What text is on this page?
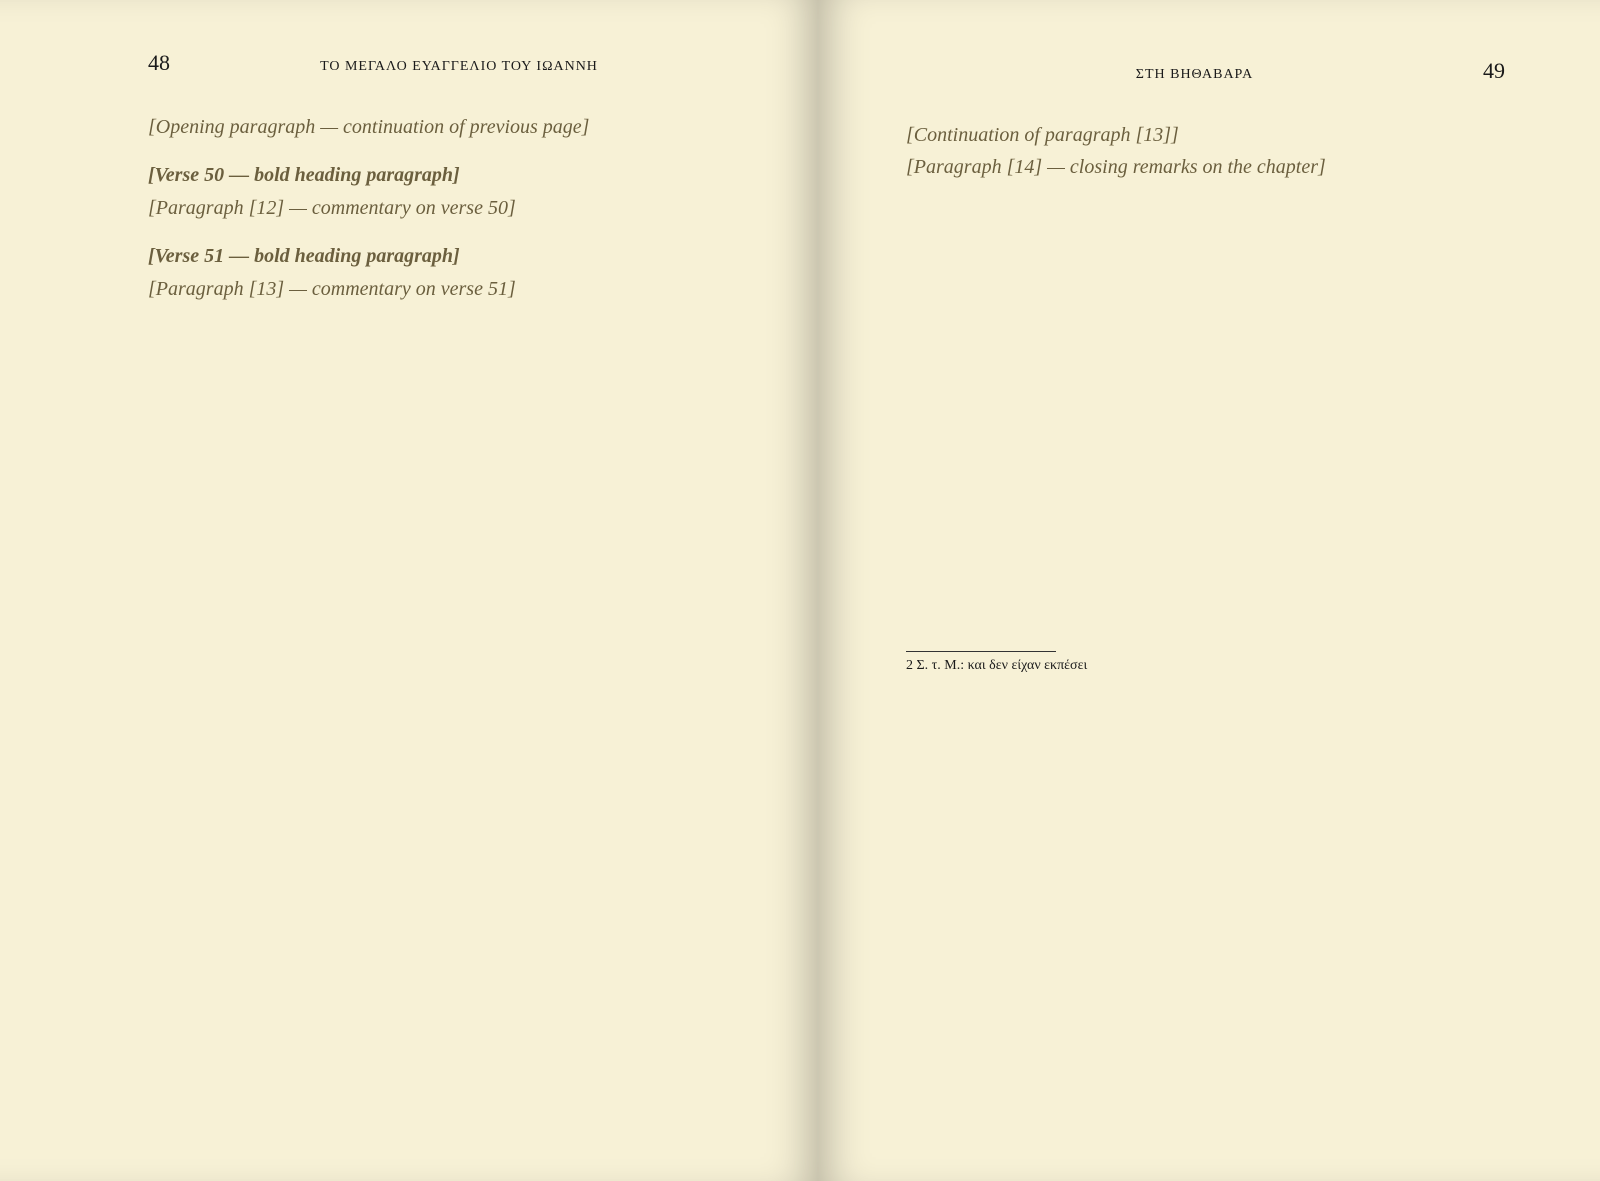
48	ΤΟ ΜΕΓΑΛΟ ΕΥΑΓΓΕΛΙΟ ΤΟΥ ΙΩΑΝΝΗ

[Opening paragraph — continuation of previous page]

[Verse 50 — bold heading paragraph]

[Paragraph [12] — commentary on verse 50]

[Verse 51 — bold heading paragraph]

[Paragraph [13] — commentary on verse 51]

ΣΤΗ ΒΗΘΑΒΑΡΑ	49

[Continuation of paragraph [13]]

[Paragraph [14] — closing remarks on the chapter]

2 Σ. τ. Μ.: και δεν είχαν εκπέσει
